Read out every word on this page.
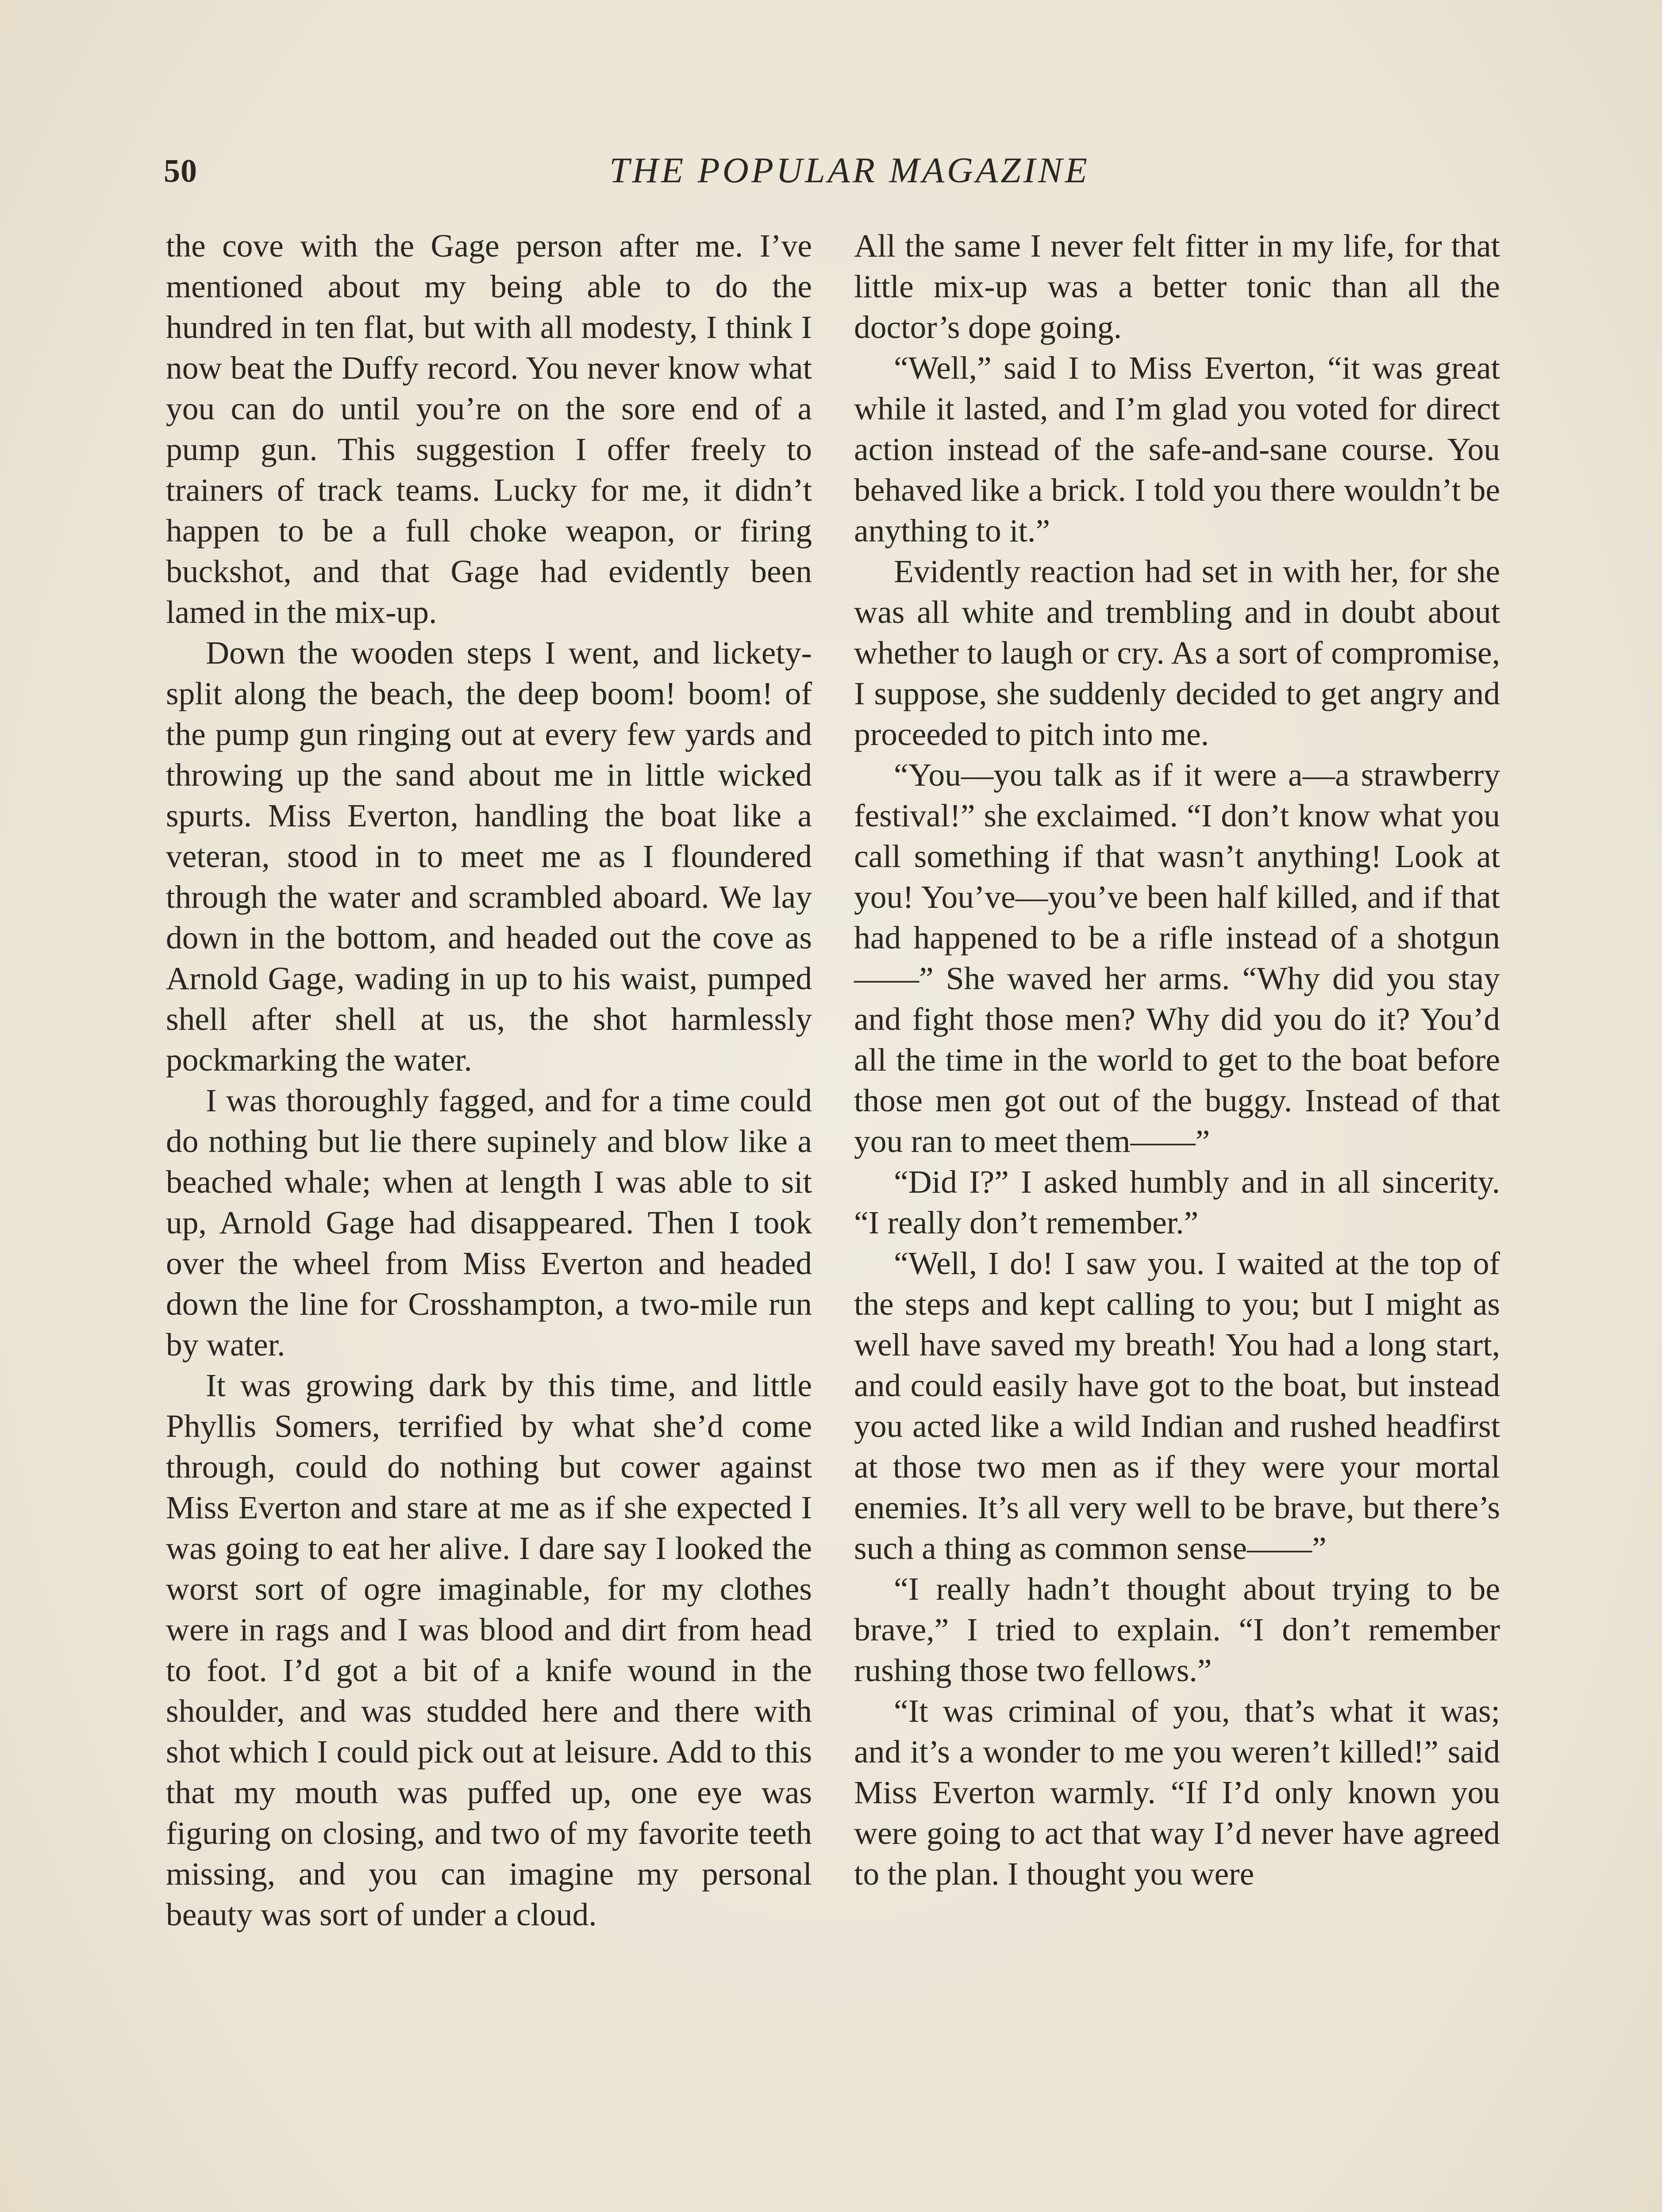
50	THE POPULAR MAGAZINE

the cove with the Gage person after me. I’ve mentioned about my being able to do the hundred in ten flat, but with all modesty, I think I now beat the Duffy record. You never know what you can do until you’re on the sore end of a pump gun. This suggestion I offer freely to trainers of track teams. Lucky for me, it didn’t happen to be a full choke weapon, or firing buckshot, and that Gage had evidently been lamed in the mix-up.

Down the wooden steps I went, and lickety-split along the beach, the deep boom! boom! of the pump gun ringing out at every few yards and throwing up the sand about me in little wicked spurts. Miss Everton, handling the boat like a veteran, stood in to meet me as I floundered through the water and scrambled aboard. We lay down in the bottom, and headed out the cove as Arnold Gage, wading in up to his waist, pumped shell after shell at us, the shot harmlessly pockmarking the water.

I was thoroughly fagged, and for a time could do nothing but lie there supinely and blow like a beached whale; when at length I was able to sit up, Arnold Gage had disappeared. Then I took over the wheel from Miss Everton and headed down the line for Crosshampton, a two-mile run by water.

It was growing dark by this time, and little Phyllis Somers, terrified by what she’d come through, could do nothing but cower against Miss Everton and stare at me as if she expected I was going to eat her alive. I dare say I looked the worst sort of ogre imaginable, for my clothes were in rags and I was blood and dirt from head to foot. I’d got a bit of a knife wound in the shoulder, and was studded here and there with shot which I could pick out at leisure. Add to this that my mouth was puffed up, one eye was figuring on closing, and two of my favorite teeth missing, and you can imagine my personal beauty was sort of under a cloud.

All the same I never felt fitter in my life, for that little mix-up was a better tonic than all the doctor’s dope going.

“Well,” said I to Miss Everton, “it was great while it lasted, and I’m glad you voted for direct action instead of the safe-and-sane course. You behaved like a brick. I told you there wouldn’t be anything to it.”

Evidently reaction had set in with her, for she was all white and trembling and in doubt about whether to laugh or cry. As a sort of compromise, I suppose, she suddenly decided to get angry and proceeded to pitch into me.

“You—you talk as if it were a—a strawberry festival!” she exclaimed. “I don’t know what you call something if that wasn’t anything! Look at you! You’ve—you’ve been half killed, and if that had happened to be a rifle instead of a shotgun——” She waved her arms. “Why did you stay and fight those men? Why did you do it? You’d all the time in the world to get to the boat before those men got out of the buggy. Instead of that you ran to meet them——”

“Did I?” I asked humbly and in all sincerity. “I really don’t remember.”

“Well, I do! I saw you. I waited at the top of the steps and kept calling to you; but I might as well have saved my breath! You had a long start, and could easily have got to the boat, but instead you acted like a wild Indian and rushed headfirst at those two men as if they were your mortal enemies. It’s all very well to be brave, but there’s such a thing as common sense——”

“I really hadn’t thought about trying to be brave,” I tried to explain. “I don’t remember rushing those two fellows.”

“It was criminal of you, that’s what it was; and it’s a wonder to me you weren’t killed!” said Miss Everton warmly. “If I’d only known you were going to act that way I’d never have agreed to the plan. I thought you were
